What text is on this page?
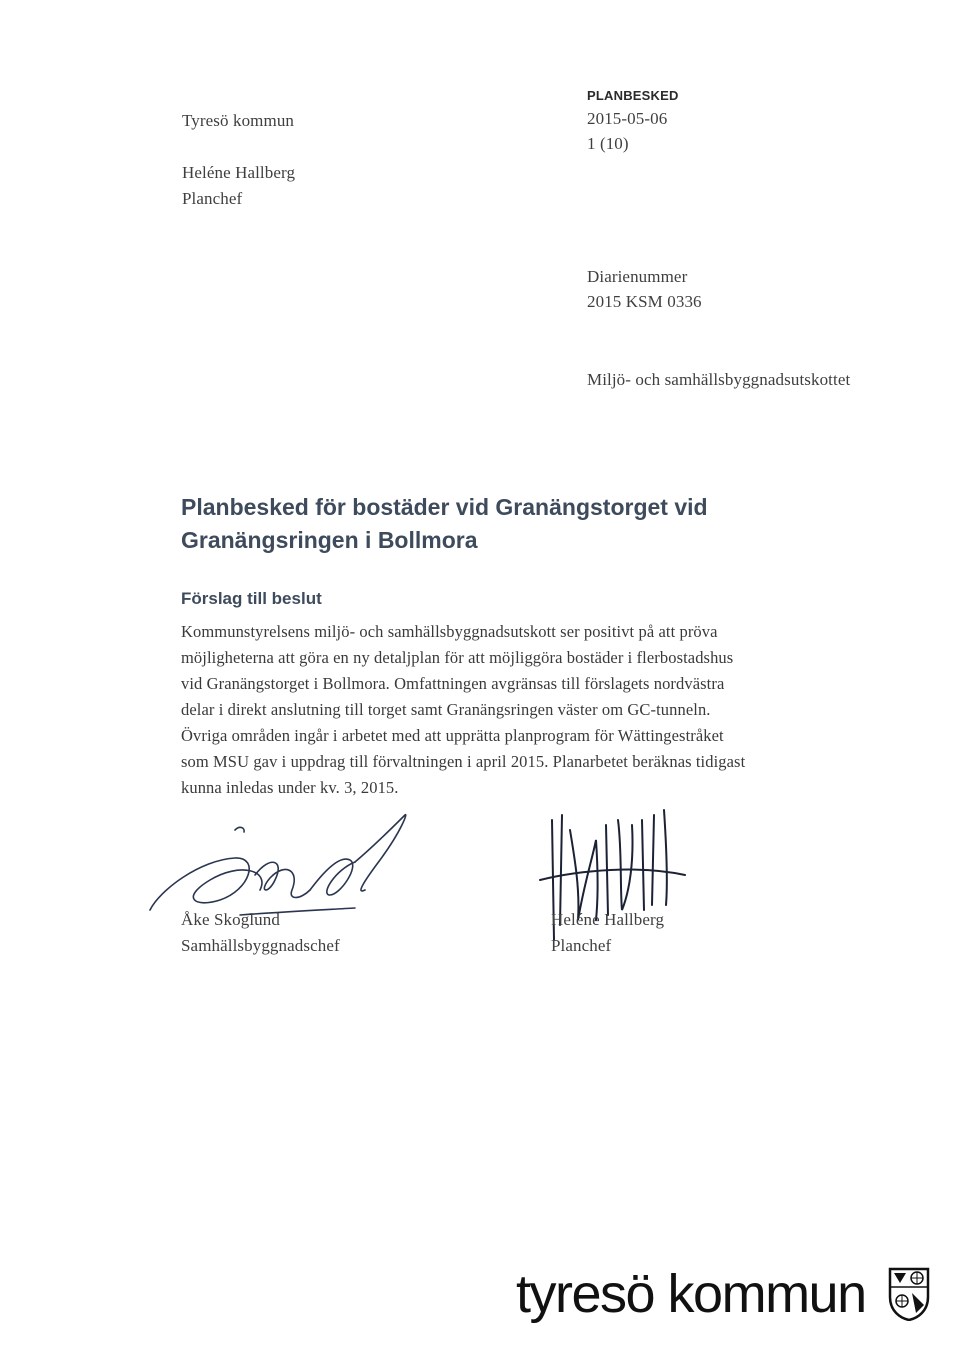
Tyresö kommun
Heléne Hallberg
Planchef
PLANBESKED
2015-05-06
1 (10)
Diarienummer
2015 KSM 0336
Miljö- och samhällsbyggnadsutskottet
Planbesked för bostäder vid Granängstorget vid Granängsringen i Bollmora
Förslag till beslut
Kommunstyrelsens miljö- och samhällsbyggnadsutskott ser positivt på att pröva möjligheterna att göra en ny detaljplan för att möjliggöra bostäder i flerbostadshus vid Granängstorget i Bollmora. Omfattningen avgränsas till förslagets nordvästra delar i direkt anslutning till torget samt Granängsringen väster om GC-tunneln. Övriga områden ingår i arbetet med att upprätta planprogram för Wättingestråket som MSU gav i uppdrag till förvaltningen i april 2015. Planarbetet beräknas tidigast kunna inledas under kv. 3, 2015.
Åke Skoglund
Samhällsbyggnadschef
Heléne Hallberg
Planchef
tyresö kommun
